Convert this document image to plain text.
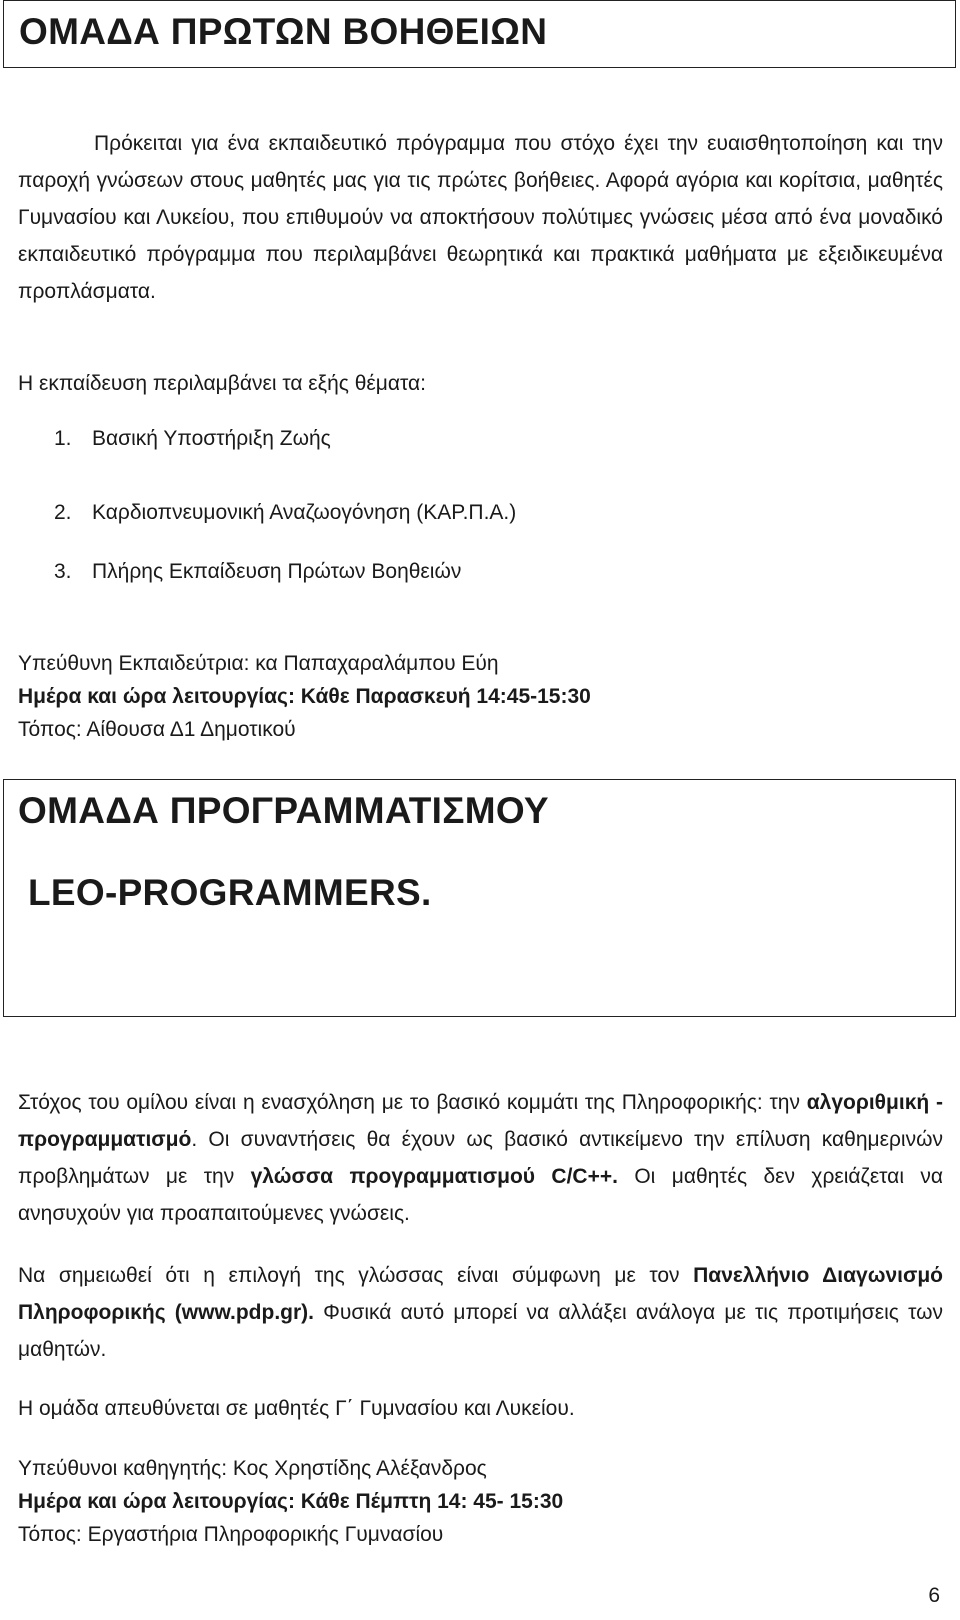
ΟΜΑΔΑ ΠΡΩΤΩΝ ΒΟΗΘΕΙΩΝ
Πρόκειται για ένα εκπαιδευτικό πρόγραμμα που στόχο έχει την ευαισθητοποίηση και την παροχή γνώσεων στους μαθητές μας για τις πρώτες βοήθειες. Αφορά αγόρια και κορίτσια, μαθητές Γυμνασίου και Λυκείου, που επιθυμούν να αποκτήσουν πολύτιμες γνώσεις μέσα από ένα μοναδικό εκπαιδευτικό πρόγραμμα που περιλαμβάνει θεωρητικά και πρακτικά μαθήματα με εξειδικευμένα προπλάσματα.
Η εκπαίδευση περιλαμβάνει τα εξής θέματα:
1. Βασική Υποστήριξη Ζωής
2. Καρδιοπνευμονική Αναζωογόνηση (ΚΑΡ.Π.Α.)
3. Πλήρης Εκπαίδευση Πρώτων Βοηθειών
Υπεύθυνη Εκπαιδεύτρια: κα Παπαχαραλάμπου Εύη
Ημέρα και ώρα λειτουργίας: Κάθε Παρασκευή 14:45-15:30
Τόπος: Αίθουσα Δ1 Δημοτικού
ΟΜΑΔΑ ΠΡΟΓΡΑΜΜΑΤΙΣΜΟΥ
LEO-PROGRAMMERS.
Στόχος του ομίλου είναι η ενασχόληση με το βασικό κομμάτι της Πληροφορικής: την αλγοριθμική - προγραμματισμό. Οι συναντήσεις θα έχουν ως βασικό αντικείμενο την επίλυση καθημερινών προβλημάτων με την γλώσσα προγραμματισμού C/C++. Οι μαθητές δεν χρειάζεται να ανησυχούν για προαπαιτούμενες γνώσεις.
Να σημειωθεί ότι η επιλογή της γλώσσας είναι σύμφωνη με τον Πανελλήνιο Διαγωνισμό Πληροφορικής (www.pdp.gr). Φυσικά αυτό μπορεί να αλλάξει ανάλογα με τις προτιμήσεις των μαθητών.
Η ομάδα απευθύνεται σε μαθητές Γ΄ Γυμνασίου και Λυκείου.
Υπεύθυνοι καθηγητής: Κος Χρηστίδης Αλέξανδρος
Ημέρα και ώρα λειτουργίας: Κάθε Πέμπτη 14: 45- 15:30
Τόπος: Εργαστήρια Πληροφορικής Γυμνασίου
6
